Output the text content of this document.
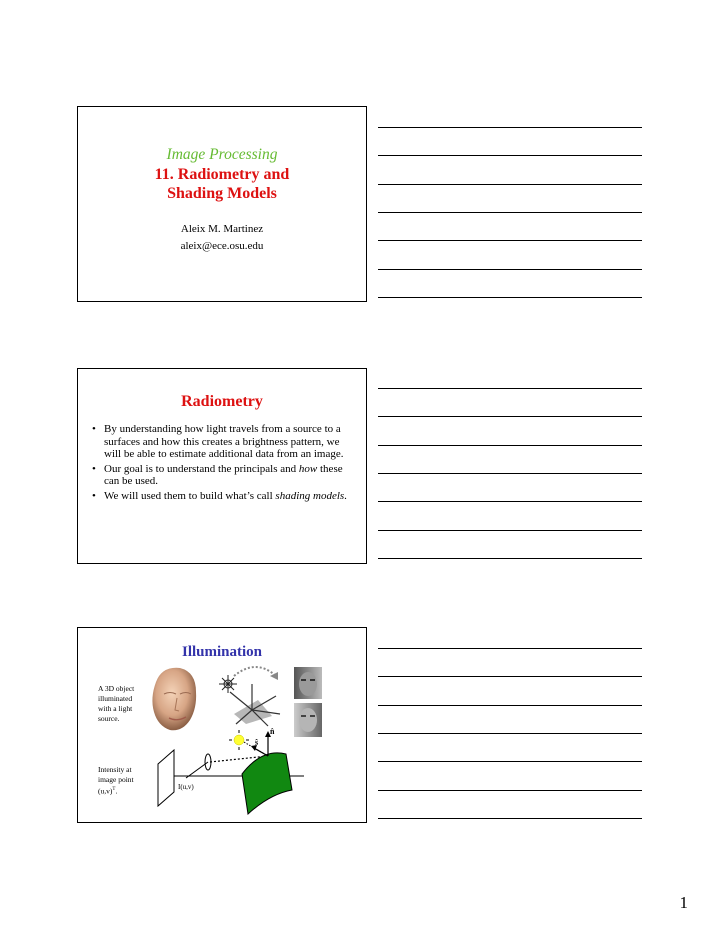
Image Processing
11. Radiometry and
Shading Models
Aleix M. Martinez
aleix@ece.osu.edu
Radiometry
• By understanding how light travels from a source to a surfaces and how this creates a brightness pattern, we will be able to estimate additional data from an image.
• Our goal is to understand the principals and how these can be used.
• We will used them to build what’s call shading models.
Illumination
A 3D object
illuminated
with a light
source.
Intensity at
image point
$(u,v)^T$.	I(u,v)
n̂
ŝ
1
